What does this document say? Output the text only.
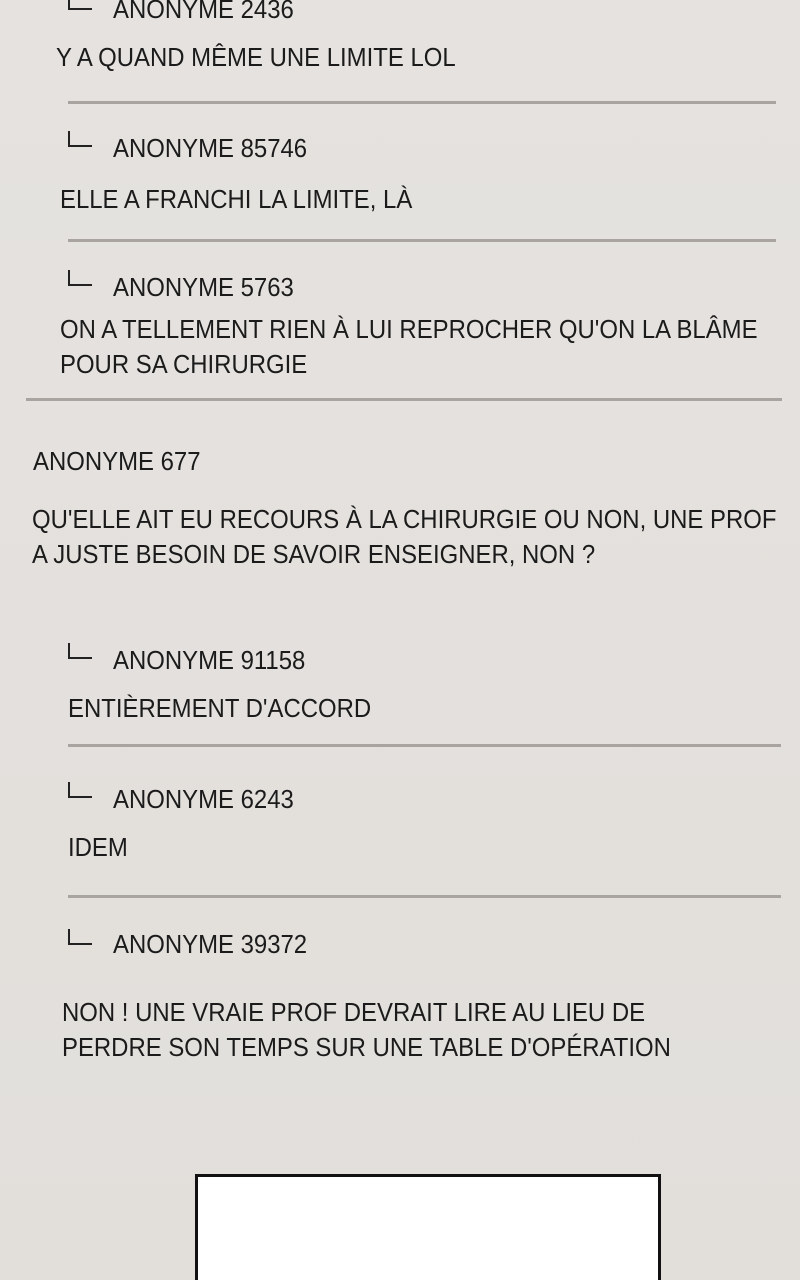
ANONYME 2436
Y A QUAND MÊME UNE LIMITE LOL
ANONYME 85746
ELLE A FRANCHI LA LIMITE, LÀ
ANONYME 5763
ON A TELLEMENT RIEN À LUI REPROCHER QU'ON LA BLÂME
POUR SA CHIRURGIE
ANONYME 677
QU'ELLE AIT EU RECOURS À LA CHIRURGIE OU NON, UNE PROF
A JUSTE BESOIN DE SAVOIR ENSEIGNER, NON ?
ANONYME 91158
ENTIÈREMENT D'ACCORD
ANONYME 6243
IDEM
ANONYME 39372
NON ! UNE VRAIE PROF DEVRAIT LIRE AU LIEU DE
PERDRE SON TEMPS SUR UNE TABLE D'OPÉRATION
